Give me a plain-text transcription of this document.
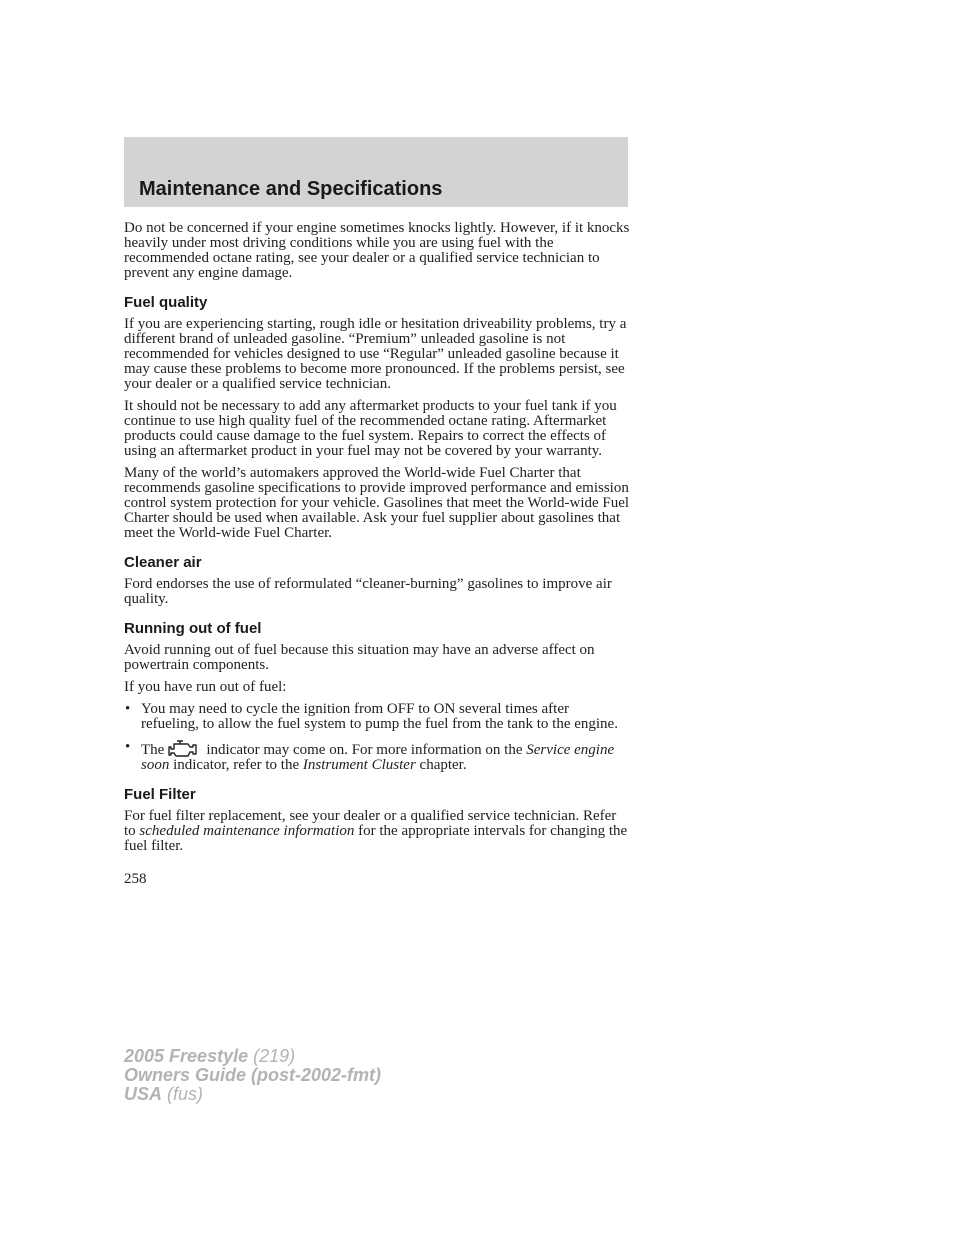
Maintenance and Specifications

Do not be concerned if your engine sometimes knocks lightly. However, if it knocks heavily under most driving conditions while you are using fuel with the recommended octane rating, see your dealer or a qualified service technician to prevent any engine damage.

Fuel quality

If you are experiencing starting, rough idle or hesitation driveability problems, try a different brand of unleaded gasoline. “Premium” unleaded gasoline is not recommended for vehicles designed to use “Regular” unleaded gasoline because it may cause these problems to become more pronounced. If the problems persist, see your dealer or a qualified service technician.

It should not be necessary to add any aftermarket products to your fuel tank if you continue to use high quality fuel of the recommended octane rating. Aftermarket products could cause damage to the fuel system. Repairs to correct the effects of using an aftermarket product in your fuel may not be covered by your warranty.

Many of the world’s automakers approved the World-wide Fuel Charter that recommends gasoline specifications to provide improved performance and emission control system protection for your vehicle. Gasolines that meet the World-wide Fuel Charter should be used when available. Ask your fuel supplier about gasolines that meet the World-wide Fuel Charter.

Cleaner air

Ford endorses the use of reformulated “cleaner-burning” gasolines to improve air quality.

Running out of fuel

Avoid running out of fuel because this situation may have an adverse affect on powertrain components.

If you have run out of fuel:

• You may need to cycle the ignition from OFF to ON several times after refueling, to allow the fuel system to pump the fuel from the tank to the engine.
• The	indicator may come on. For more information on the Service engine soon indicator, refer to the Instrument Cluster chapter.
Fuel Filter

For fuel filter replacement, see your dealer or a qualified service technician. Refer to scheduled maintenance information for the appropriate intervals for changing the fuel filter.

258
2005 Freestyle (219)
Owners Guide (post-2002-fmt)
USA (fus)
